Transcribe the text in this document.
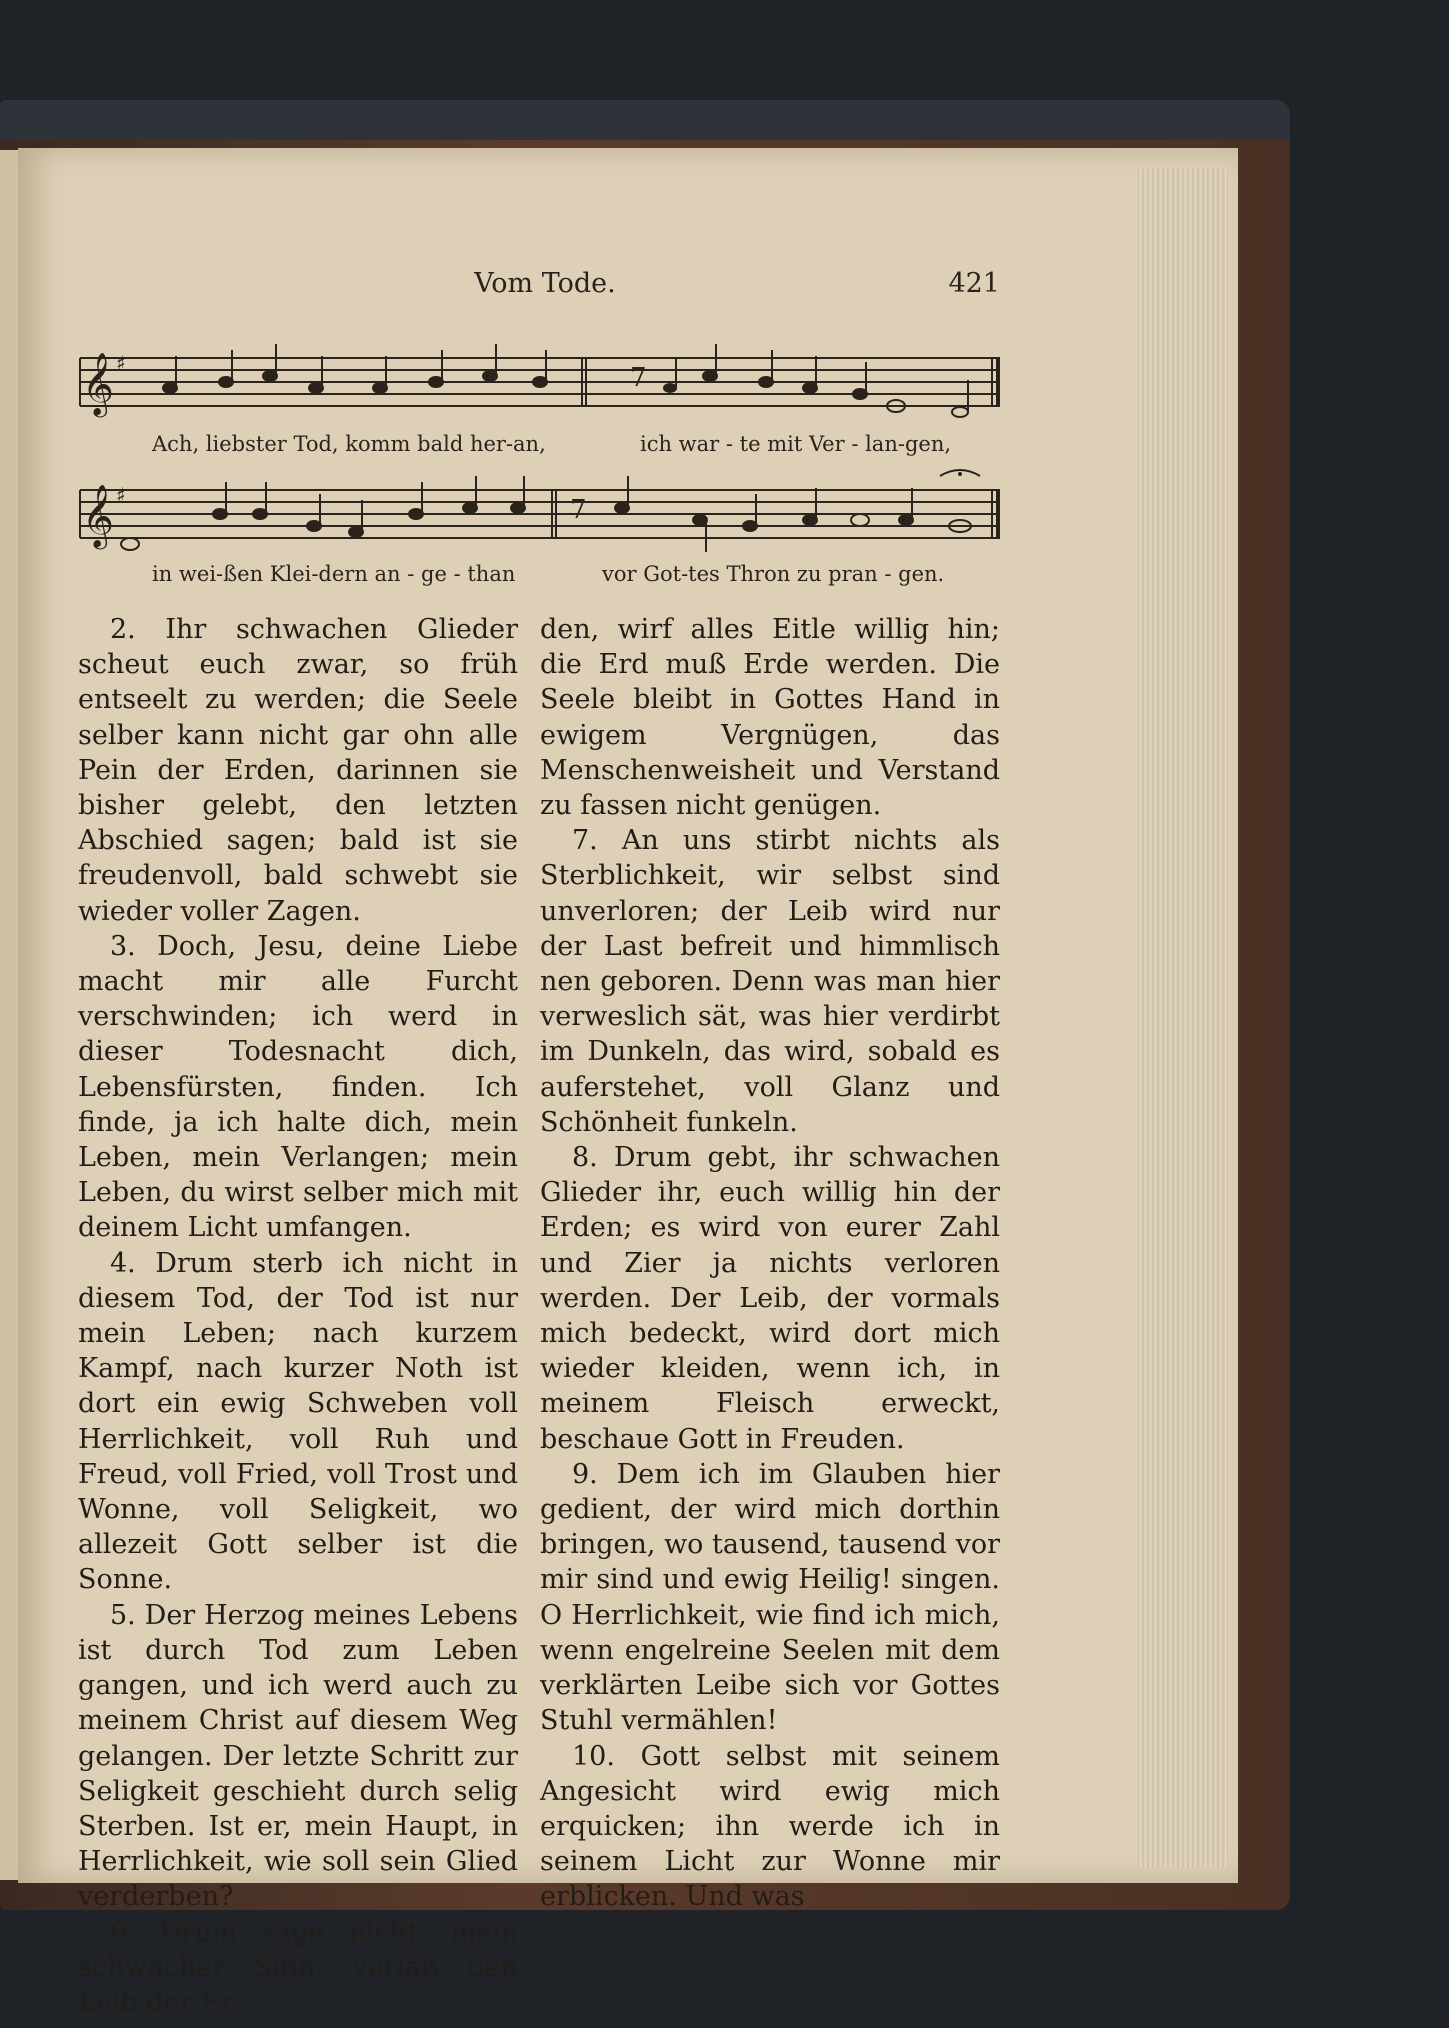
Vom Tode.	421
𝄞 ♯	7
Ach, liebster Tod, komm bald her-an,	ich war - te mit Ver - lan-gen,
𝄞 ♯	7
in wei-ßen Klei-dern an - ge - than	vor Got-tes Thron zu pran - gen.

2. Ihr schwachen Glieder scheut euch zwar, so früh entseelt zu werden; die Seele selber kann nicht gar ohn alle Pein der Erden, darinnen sie bisher gelebt, den letzten Abschied sagen; bald ist sie freudenvoll, bald schwebt sie wieder voller Zagen.

3. Doch, Jesu, deine Liebe macht mir alle Furcht verschwinden; ich werd in dieser Todesnacht dich, Lebensfürsten, finden. Ich finde, ja ich halte dich, mein Leben, mein Verlangen; mein Leben, du wirst selber mich mit deinem Licht umfangen.

4. Drum sterb ich nicht in diesem Tod, der Tod ist nur mein Leben; nach kurzem Kampf, nach kurzer Noth ist dort ein ewig Schweben voll Herrlichkeit, voll Ruh und Freud, voll Fried, voll Trost und Wonne, voll Seligkeit, wo allezeit Gott selber ist die Sonne.

5. Der Herzog meines Lebens ist durch Tod zum Leben gangen, und ich werd auch zu meinem Christ auf diesem Weg gelangen. Der letzte Schritt zur Seligkeit geschieht durch selig Sterben. Ist er, mein Haupt, in Herrlichkeit, wie soll sein Glied verderben?

6. Drum zage nicht, mein schwacher Sinn, verlaß den Leib der Er-

den, wirf alles Eitle willig hin; die Erd muß Erde werden. Die Seele bleibt in Gottes Hand in ewigem Vergnügen, das Menschenweisheit und Verstand zu fassen nicht genügen.

7. An uns stirbt nichts als Sterblichkeit, wir selbst sind unverloren; der Leib wird nur der Last befreit und himmlisch nen geboren. Denn was man hier verweslich sät, was hier verdirbt im Dunkeln, das wird, sobald es auferstehet, voll Glanz und Schönheit funkeln.

8. Drum gebt, ihr schwachen Glieder ihr, euch willig hin der Erden; es wird von eurer Zahl und Zier ja nichts verloren werden. Der Leib, der vormals mich bedeckt, wird dort mich wieder kleiden, wenn ich, in meinem Fleisch erweckt, beschaue Gott in Freuden.

9. Dem ich im Glauben hier gedient, der wird mich dorthin bringen, wo tausend, tausend vor mir sind und ewig Heilig! singen. O Herrlichkeit, wie find ich mich, wenn engelreine Seelen mit dem verklärten Leibe sich vor Gottes Stuhl vermählen!

10. Gott selbst mit seinem Angesicht wird ewig mich erquicken; ihn werde ich in seinem Licht zur Wonne mir erblicken. Und was
